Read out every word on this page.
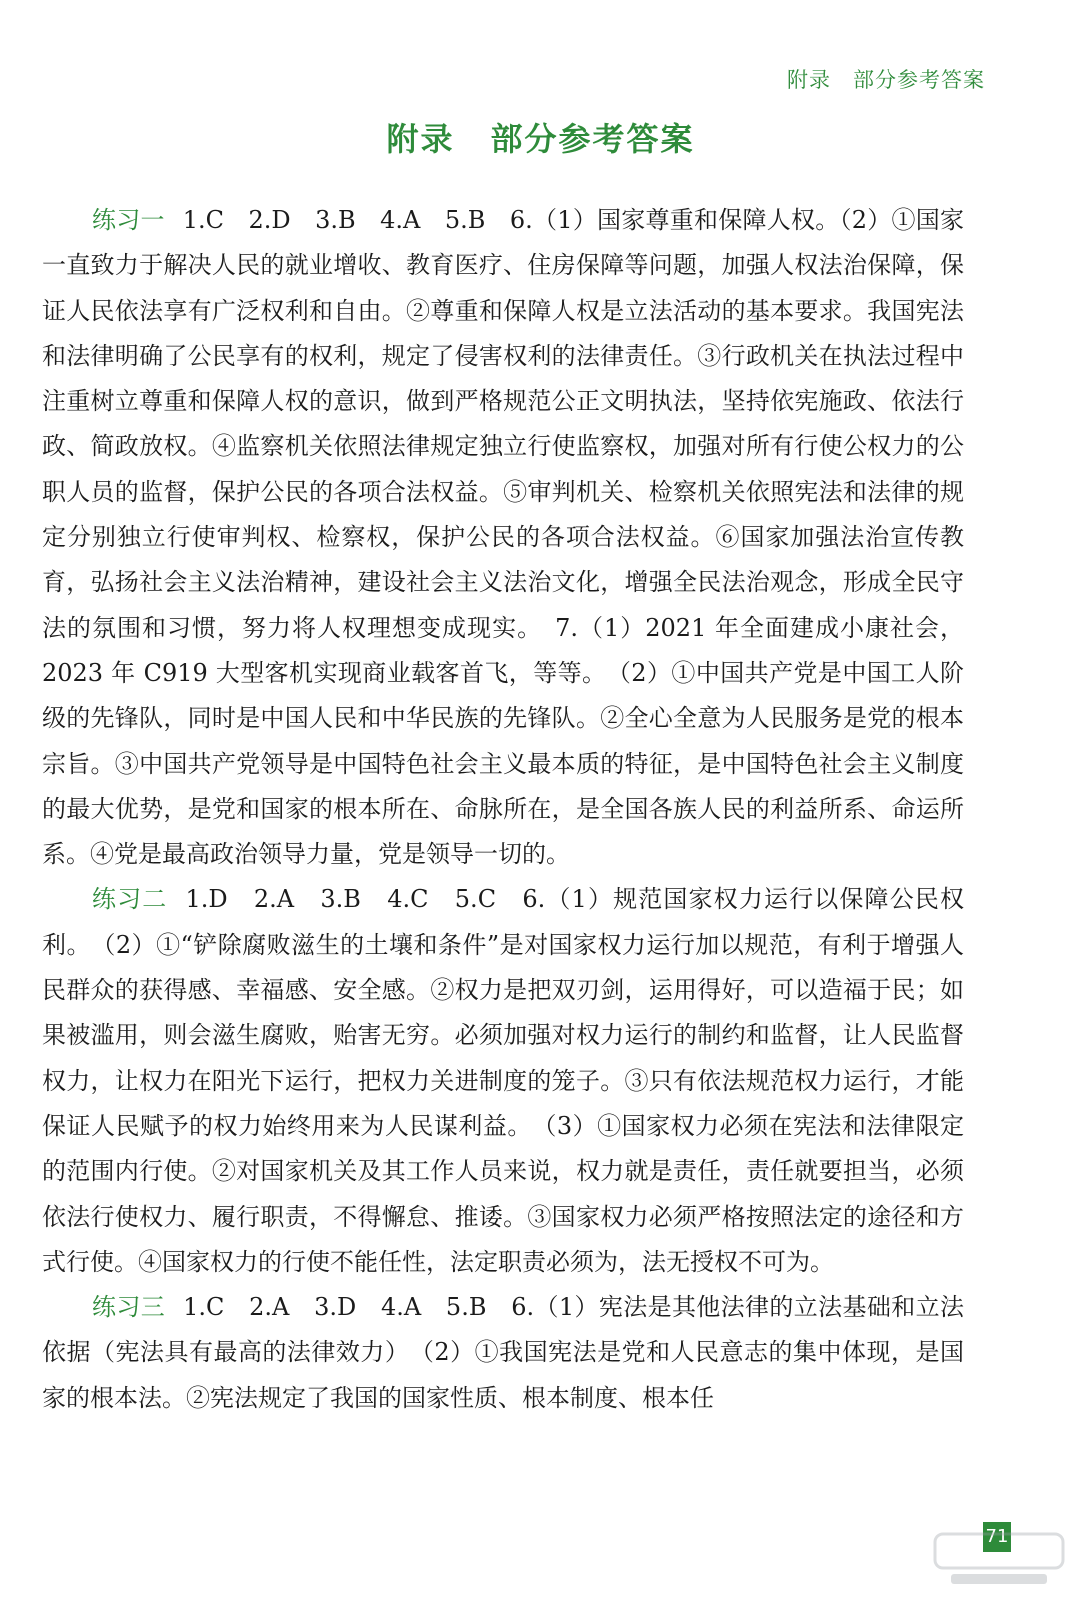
附录 部分参考答案
附录 部分参考答案

练习一 1.C　2.D　3.B　4.A　5.B　6.（1）国家尊重和保障人权。（2）①国家一直致力于解决人民的就业增收、教育医疗、住房保障等问题，加强人权法治保障，保证人民依法享有广泛权利和自由。②尊重和保障人权是立法活动的基本要求。我国宪法和法律明确了公民享有的权利，规定了侵害权利的法律责任。③行政机关在执法过程中注重树立尊重和保障人权的意识，做到严格规范公正文明执法，坚持依宪施政、依法行政、简政放权。④监察机关依照法律规定独立行使监察权，加强对所有行使公权力的公职人员的监督，保护公民的各项合法权益。⑤审判机关、检察机关依照宪法和法律的规定分别独立行使审判权、检察权，保护公民的各项合法权益。⑥国家加强法治宣传教育，弘扬社会主义法治精神，建设社会主义法治文化，增强全民法治观念，形成全民守法的氛围和习惯，努力将人权理想变成现实。　7.（1）2021 年全面建成小康社会，2023 年 C919 大型客机实现商业载客首飞，等等。　（2）①中国共产党是中国工人阶级的先锋队，同时是中国人民和中华民族的先锋队。②全心全意为人民服务是党的根本宗旨。③中国共产党领导是中国特色社会主义最本质的特征，是中国特色社会主义制度的最大优势，是党和国家的根本所在、命脉所在，是全国各族人民的利益所系、命运所系。④党是最高政治领导力量，党是领导一切的。

练习二 1.D　2.A　3.B　4.C　5.C　6.（1）规范国家权力运行以保障公民权利。　（2）①“铲除腐败滋生的土壤和条件”是对国家权力运行加以规范，有利于增强人民群众的获得感、幸福感、安全感。②权力是把双刃剑，运用得好，可以造福于民；如果被滥用，则会滋生腐败，贻害无穷。必须加强对权力运行的制约和监督，让人民监督权力，让权力在阳光下运行，把权力关进制度的笼子。③只有依法规范权力运行，才能保证人民赋予的权力始终用来为人民谋利益。　（3）①国家权力必须在宪法和法律限定的范围内行使。②对国家机关及其工作人员来说，权力就是责任，责任就要担当，必须依法行使权力、履行职责，不得懈怠、推诿。③国家权力必须严格按照法定的途径和方式行使。④国家权力的行使不能任性，法定职责必须为，法无授权不可为。

练习三 1.C　2.A　3.D　4.A　5.B　6.（1）宪法是其他法律的立法基础和立法依据（宪法具有最高的法律效力）　（2）①我国宪法是党和人民意志的集中体现，是国家的根本法。②宪法规定了我国的国家性质、根本制度、根本任

71
